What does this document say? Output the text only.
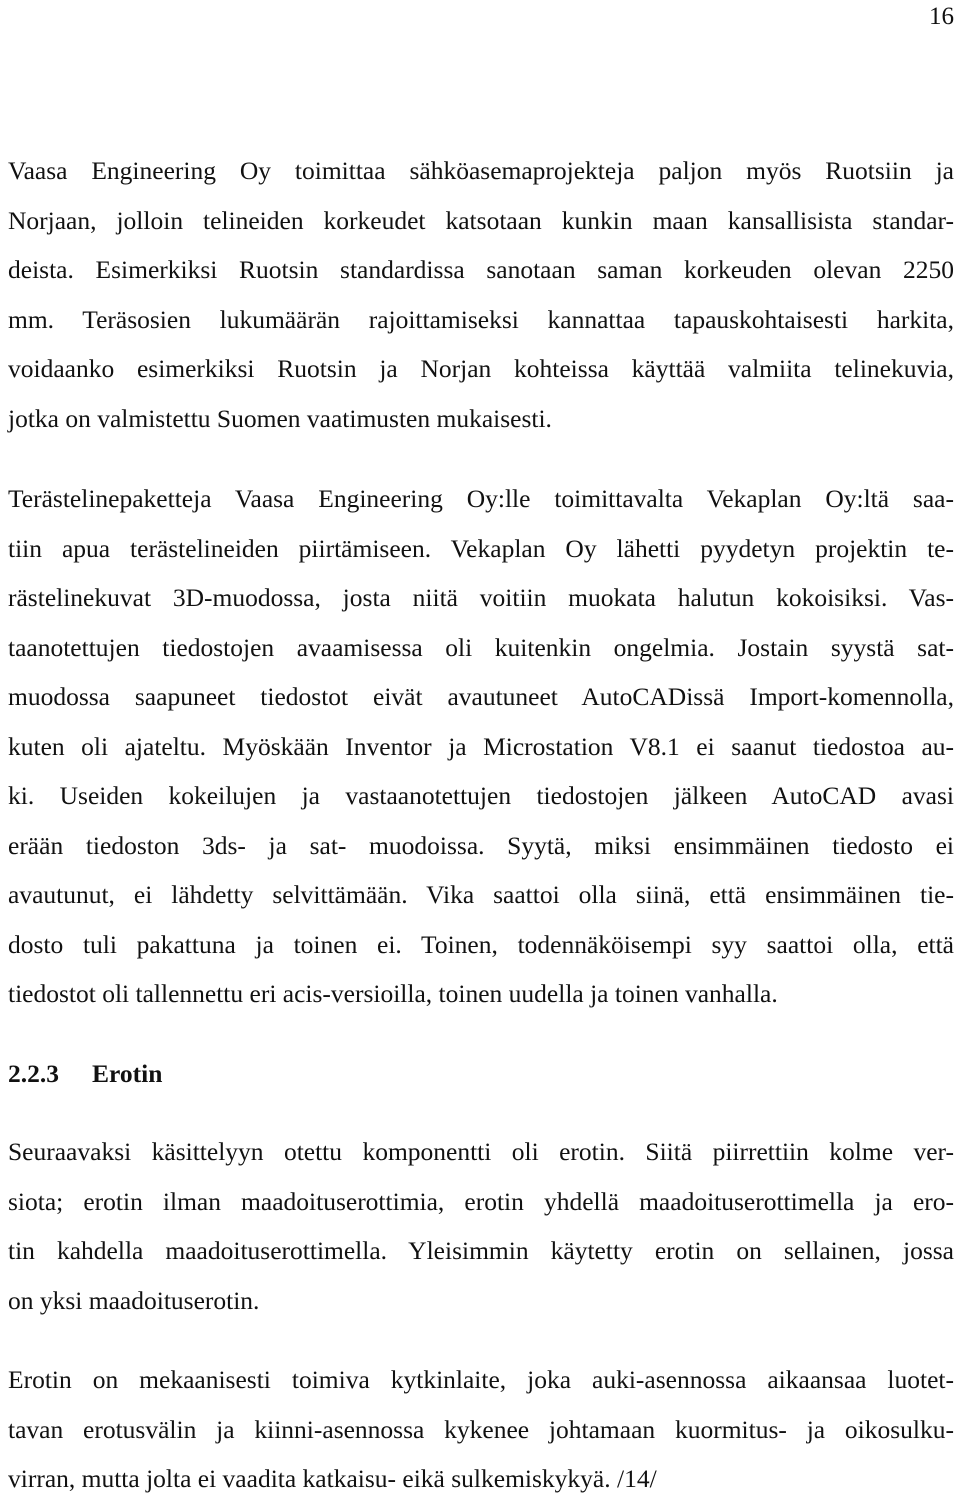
16
Vaasa Engineering Oy toimittaa sähköasemaprojekteja paljon myös Ruotsiin ja
Norjaan, jolloin telineiden korkeudet katsotaan kunkin maan kansallisista standar-
deista. Esimerkiksi Ruotsin standardissa sanotaan saman korkeuden olevan 2250
mm. Teräsosien lukumäärän rajoittamiseksi kannattaa tapauskohtaisesti harkita,
voidaanko esimerkiksi Ruotsin ja Norjan kohteissa käyttää valmiita telinekuvia,
jotka on valmistettu Suomen vaatimusten mukaisesti.
Terästelinepaketteja Vaasa Engineering Oy:lle toimittavalta Vekaplan Oy:ltä saa-
tiin apua terästelineiden piirtämiseen. Vekaplan Oy lähetti pyydetyn projektin te-
rästelinekuvat 3D-muodossa, josta niitä voitiin muokata halutun kokoisiksi. Vas-
taanotettujen tiedostojen avaamisessa oli kuitenkin ongelmia. Jostain syystä sat-
muodossa saapuneet tiedostot eivät avautuneet AutoCADissä Import-komennolla,
kuten oli ajateltu. Myöskään Inventor ja Microstation V8.1 ei saanut tiedostoa au-
ki. Useiden kokeilujen ja vastaanotettujen tiedostojen jälkeen AutoCAD avasi
erään tiedoston 3ds- ja sat- muodoissa. Syytä, miksi ensimmäinen tiedosto ei
avautunut, ei lähdetty selvittämään. Vika saattoi olla siinä, että ensimmäinen tie-
dosto tuli pakattuna ja toinen ei. Toinen, todennäköisempi syy saattoi olla, että
tiedostot oli tallennettu eri acis-versioilla, toinen uudella ja toinen vanhalla.
2.2.3 Erotin
Seuraavaksi käsittelyyn otettu komponentti oli erotin. Siitä piirrettiin kolme ver-
siota; erotin ilman maadoituserottimia, erotin yhdellä maadoituserottimella ja ero-
tin kahdella maadoituserottimella. Yleisimmin käytetty erotin on sellainen, jossa
on yksi maadoituserotin.
Erotin on mekaanisesti toimiva kytkinlaite, joka auki-asennossa aikaansaa luotet-
tavan erotusvälin ja kiinni-asennossa kykenee johtamaan kuormitus- ja oikosulku-
virran, mutta jolta ei vaadita katkaisu- eikä sulkemiskykyä. /14/
